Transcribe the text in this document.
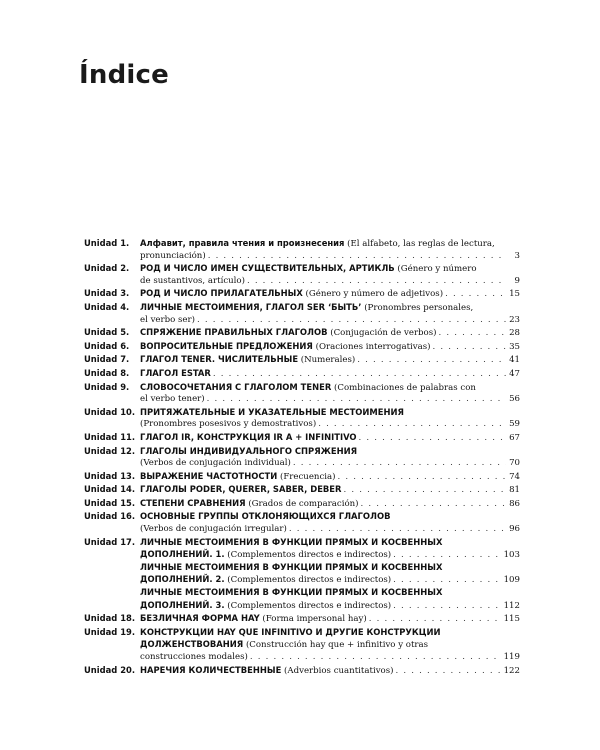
Índice
Unidad 1.	Алфавит, правила чтения и произнесения (El alfabeto, las reglas de lectura,
pronunciación) . . .	3
Unidad 2.	РОД И ЧИСЛО ИМЕН СУЩЕСТВИТЕЛЬНЫХ, АРТИКЛЬ (Género y número
de sustantivos, artículo) . . .	9
Unidad 3.	РОД И ЧИСЛО ПРИЛАГАТЕЛЬНЫХ (Género y número de adjetivos) . . .	15
Unidad 4.	ЛИЧНЫЕ МЕСТОИМЕНИЯ, ГЛАГОЛ SER ‘БЫТЬ’ (Pronombres personales,
el verbo ser) . . .	23
Unidad 5.	СПРЯЖЕНИЕ ПРАВИЛЬНЫХ ГЛАГОЛОВ (Conjugación de verbos) . . .	28
Unidad 6.	ВОПРОСИТЕЛЬНЫЕ ПРЕДЛОЖЕНИЯ (Oraciones interrogativas) . . .	35
Unidad 7.	ГЛАГОЛ TENER. ЧИСЛИТЕЛЬНЫЕ (Numerales) . . .	41
Unidad 8.	ГЛАГОЛ ESTAR . . .	47
Unidad 9.	СЛОВОСОЧЕТАНИЯ С ГЛАГОЛОМ TENER (Combinaciones de palabras con
el verbo tener) . . .	56
Unidad 10. ПРИТЯЖАТЕЛЬНЫЕ И УКАЗАТЕЛЬНЫЕ МЕСТОИМЕНИЯ
(Pronombres posesivos y demostrativos) . . .	59
Unidad 11. ГЛАГОЛ IR, КОНСТРУКЦИЯ IR A + INFINITIVO . . .	67
Unidad 12. ГЛАГОЛЫ ИНДИВИДУАЛЬНОГО СПРЯЖЕНИЯ
(Verbos de conjugación individual) . . .	70
Unidad 13. ВЫРАЖЕНИЕ ЧАСТОТНОСТИ (Frecuencia) . . .	74
Unidad 14. ГЛАГОЛЫ PODER, QUERER, SABER, DEBER . . .	81
Unidad 15. СТЕПЕНИ СРАВНЕНИЯ (Grados de comparación) . . .	86
Unidad 16. ОСНОВНЫЕ ГРУППЫ ОТКЛОНЯЮЩИХСЯ ГЛАГОЛОВ
(Verbos de conjugación irregular) . . .	96
Unidad 17. ЛИЧНЫЕ МЕСТОИМЕНИЯ В ФУНКЦИИ ПРЯМЫХ И КОСВЕННЫХ
ДОПОЛНЕНИЙ. 1. (Complementos directos e indirectos) . . .	103
ЛИЧНЫЕ МЕСТОИМЕНИЯ В ФУНКЦИИ ПРЯМЫХ И КОСВЕННЫХ
ДОПОЛНЕНИЙ. 2. (Complementos directos e indirectos) . . .	109
ЛИЧНЫЕ МЕСТОИМЕНИЯ В ФУНКЦИИ ПРЯМЫХ И КОСВЕННЫХ
ДОПОЛНЕНИЙ. 3. (Complementos directos e indirectos) . . .	112
Unidad 18. БЕЗЛИЧНАЯ ФОРМА HAY (Forma impersonal hay) . . .	115
Unidad 19. КОНСТРУКЦИИ HAY QUE INFINITIVO И ДРУГИЕ КОНСТРУКЦИИ
ДОЛЖЕНСТВОВАНИЯ (Construcción hay que + infinitivo y otras
construcciones modales) . . .	119
Unidad 20. НАРЕЧИЯ КОЛИЧЕСТВЕННЫЕ (Adverbios cuantitativos) . . .	122
